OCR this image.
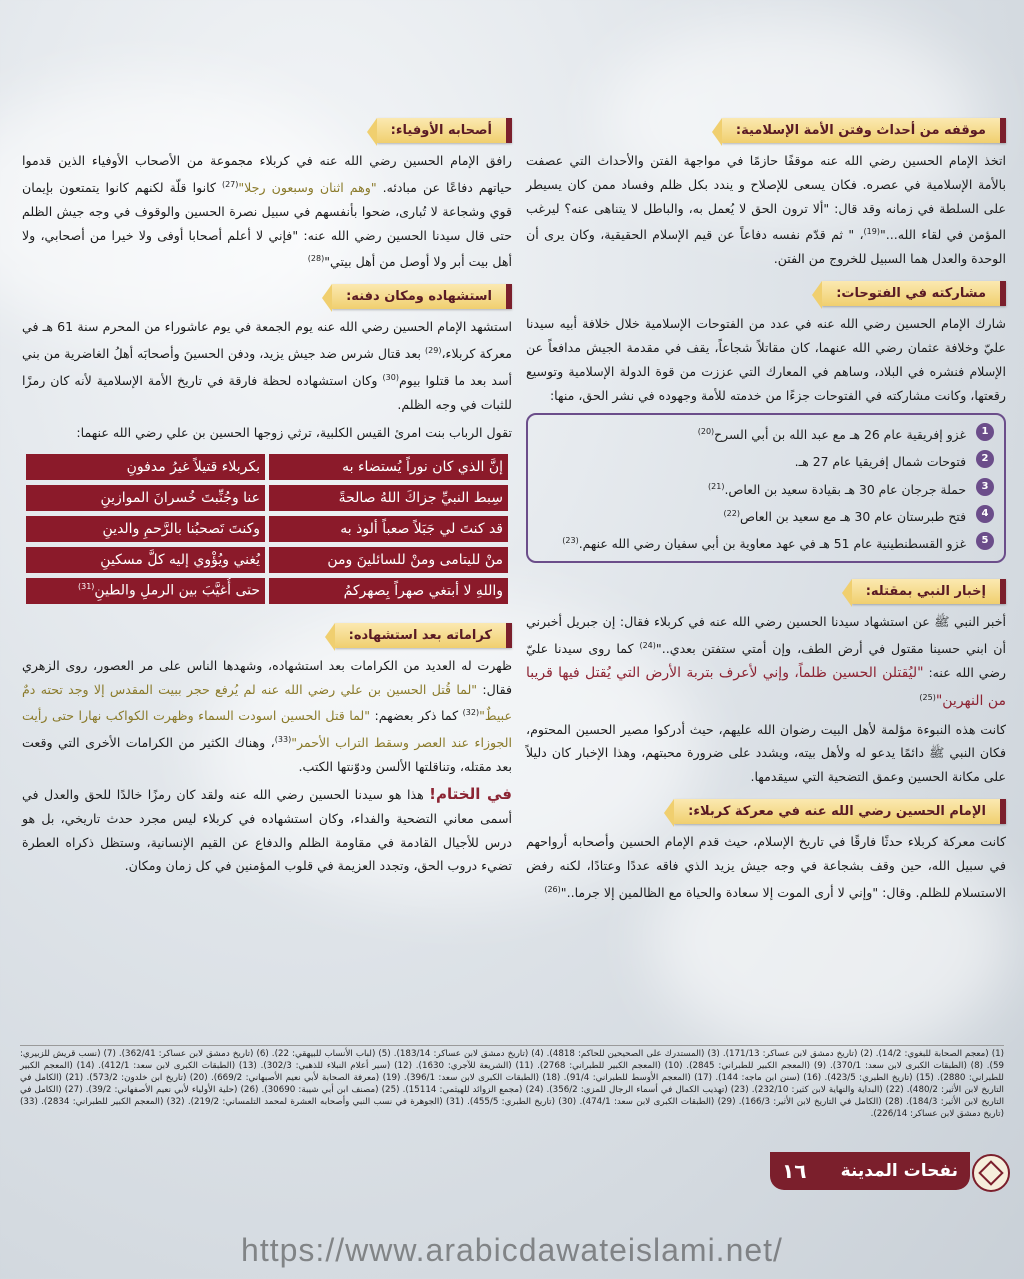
موقفه من أحداث وفتن الأمة الإسلامية:

اتخذ الإمام الحسين رضي الله عنه موقفًا حازمًا في مواجهة الفتن والأحداث التي عصفت بالأمة الإسلامية في عصره. فكان يسعى للإصلاح و يندد بكل ظلم وفساد ممن كان يسيطر على السلطة في زمانه وقد قال: "ألا ترون الحق لا يُعمل به، والباطل لا يتناهى عنه؟ ليرغب المؤمن في لقاء الله..."$^{(19)}$، " ثم قدّم نفسه دفاعاً عن قيم الإسلام الحقيقية، وكان يرى أن الوحدة والعدل هما السبيل للخروج من الفتن.

مشاركته في الفتوحات:

شارك الإمام الحسين رضي الله عنه في عدد من الفتوحات الإسلامية خلال خلافة أبيه سيدنا عليّ وخلافة عثمان رضي الله عنهما، كان مقاتلاً شجاعاً، يقف في مقدمة الجيش مدافعاً عن الإسلام فنشره في البلاد، وساهم في المعارك التي عززت من قوة الدولة الإسلامية وتوسيع رقعتها، وكانت مشاركته في الفتوحات جزءًا من خدمته للأمة وجهوده في نشر الحق، منها:

1
غزو إفريقية عام 26 هـ مع عبد الله بن أبي السرح$^{(20)}$
2
فتوحات شمال إفريقيا عام 27 هـ.
3
حملة جرجان عام 30 هـ بقيادة سعيد بن العاص.$^{(21)}$
4
فتح طبرستان عام 30 هـ مع سعيد بن العاص$^{(22)}$
5
غزو القسطنطينية عام 51 هـ في عهد معاوية بن أبي سفيان رضي الله عنهم.$^{(23)}$
إخبار النبي بمقتله:

أخبر النبي ﷺ عن استشهاد سيدنا الحسين رضي الله عنه في كربلاء فقال: إن جبريل أخبرني أن ابني حسينا مقتول في أرض الطف، وإن أمتي ستفتن بعدي.."$^{(24)}$ كما روى سيدنا عليّ رضي الله عنه: "ليُقتلن الحسين ظلماً، وإني لأعرف بتربة الأرض التي يُقتل فيها قريبا من النهرين"$^{(25)}$

كانت هذه النبوءة مؤلمة لأهل البيت رضوان الله عليهم، حيث أدركوا مصير الحسين المحتوم، فكان النبي ﷺ دائمًا يدعو له ولأهل بيته، ويشدد على ضرورة محبتهم، وهذا الإخبار كان دليلاً على مكانة الحسين وعمق التضحية التي سيقدمها.

الإمام الحسين رضي الله عنه في معركة كربلاء:

كانت معركة كربلاء حدثًا فارقًا في تاريخ الإسلام، حيث قدم الإمام الحسين وأصحابه أرواحهم في سبيل الله، حين وقف بشجاعة في وجه جيش يزيد الذي فاقه عددًا وعتادًا، لكنه رفض الاستسلام للظلم. وقال: "وإني لا أرى الموت إلا سعادة والحياة مع الظالمين إلا جرما.."$^{(26)}$

أصحابه الأوفياء:

رافق الإمام الحسين رضي الله عنه في كربلاء مجموعة من الأصحاب الأوفياء الذين قدموا حياتهم دفاعًا عن مبادئه. "وهم اثنان وسبعون رجلا"$^{(27)}$ كانوا قلّة لكنهم كانوا يتمتعون بإيمان قوي وشجاعة لا تُبارى، ضحوا بأنفسهم في سبيل نصرة الحسين والوقوف في وجه جيش الظلم حتى قال سيدنا الحسين رضي الله عنه: "فإني لا أعلم أصحابا أوفى ولا خيرا من أصحابي، ولا أهل بيت أبر ولا أوصل من أهل بيتي"$^{(28)}$

استشهاده ومكان دفنه:

استشهد الإمام الحسين رضي الله عنه يوم الجمعة في يوم عاشوراء من المحرم سنة 61 هـ في معركة كربلاء،$^{(29)}$ بعد قتال شرس ضد جيش يزيد، ودفن الحسينَ وأصحابَه أهلُ الغاضرية من بني أسد بعد ما قتلوا بيوم$^{(30)}$ وكان استشهاده لحظة فارقة في تاريخ الأمة الإسلامية لأنه كان رمزًا للثبات في وجه الظلم.

تقول الرباب بنت امرئ القيس الكلبية، ترثي زوجها الحسين بن علي رضي الله عنهما:

إنَّ الذي كان نوراً يُستضاء به	بكربلاء قتيلاً غيرُ مدفونِ
سِبط النبيِّ جزاكَ اللهُ صالحةً	عنا وجُنِّبتَ خُسرانَ الموازينِ
قد كنتَ لي جَبَلاً صعباً ألوذ به	وكنتَ تَصحبُنا بالرَّحمِ والدينِ
منْ لليتامى ومنْ للسائلينَ ومن	يُغني ويُؤْوي إليه كلَّ مسكينِ
واللهِ لا أبتغي صهراً بِصهركمُ	حتى أُغيَّبَ بين الرملِ والطينِ$^{(31)}$
كراماته بعد استشهاده:

ظهرت له العديد من الكرامات بعد استشهاده، وشهدها الناس على مر العصور، روى الزهري فقال: "لما قُتل الحسين بن علي رضي الله عنه لم يُرفع حجر ببيت المقدس إلا وجد تحته دمٌ عبيطٌ"$^{(32)}$ كما ذكر بعضهم: "لما قتل الحسين اسودت السماء وظهرت الكواكب نهارا حتى رأيت الجوزاء عند العصر وسقط التراب الأحمر"$^{(33)}$، وهناك الكثير من الكرامات الأخرى التي وقعت بعد مقتله، وتناقلتها الألسن ودوّنتها الكتب.

في الختام! هذا هو سيدنا الحسين رضي الله عنه ولقد كان رمزًا خالدًا للحق والعدل في أسمى معاني التضحية والفداء، وكان استشهاده في كربلاء ليس مجرد حدث تاريخي، بل هو درس للأجيال القادمة في مقاومة الظلم والدفاع عن القيم الإنسانية، وستظل ذكراه العطرة تضيء دروب الحق، وتجدد العزيمة في قلوب المؤمنين في كل زمان ومكان.

(1) (معجم الصحابة للبغوي: 14/2). (2) (تاريخ دمشق لابن عساكر: 171/13). (3) (المستدرك على الصحيحين للحاكم: 4818). (4) (تاريخ دمشق لابن عساكر: 183/14). (5) (لباب الأنساب للبيهقي: 22). (6) (تاريخ دمشق لابن عساكر: 362/41). (7) (نسب قريش للزبيري: 59). (8) (الطبقات الكبرى لابن سعد: 370/1). (9) (المعجم الكبير للطبراني: 2845). (10) (المعجم الكبير للطبراني: 2768). (11) (الشريعة للآجري: 1630). (12) (سير أعلام النبلاء للذهبي: 302/3). (13) (الطبقات الكبرى لابن سعد: 412/1). (14) (المعجم الكبير للطبراني: 2880). (15) (تاريخ الطبري: 423/5). (16) (سنن ابن ماجه: 144). (17) (المعجم الأوسط للطبراني: 91/4). (18) (الطبقات الكبرى لابن سعد: 396/1). (19) (معرفة الصحابة لأبي نعيم الأصبهاني: 669/2). (20) (تاريخ ابن خلدون: 573/2). (21) (الكامل في التاريخ لابن الأثير: 480/2). (22) (البداية والنهاية لابن كثير: 232/10). (23) (تهذيب الكمال في أسماء الرجال للمزي: 356/2). (24) (مجمع الزوائد للهيثمي: 15114). (25) (مصنف ابن أبي شيبة: 30690). (26) (حلية الأولياء لأبي نعيم الأصفهاني: 39/2). (27) (الكامل في التاريخ لابن الأثير: 184/3). (28) (الكامل في التاريخ لابن الأثير: 166/3). (29) (الطبقات الكبرى لابن سعد: 474/1). (30) (تاريخ الطبري: 455/5). (31) (الجوهرة في نسب النبي وأصحابه العشرة لمحمد التلمساني: 219/2). (32) (المعجم الكبير للطبراني: 2834). (33) (تاريخ دمشق لابن عساكر: 226/14).
نفحات المدينة
١٦
https://www.arabicdawateislami.net/
